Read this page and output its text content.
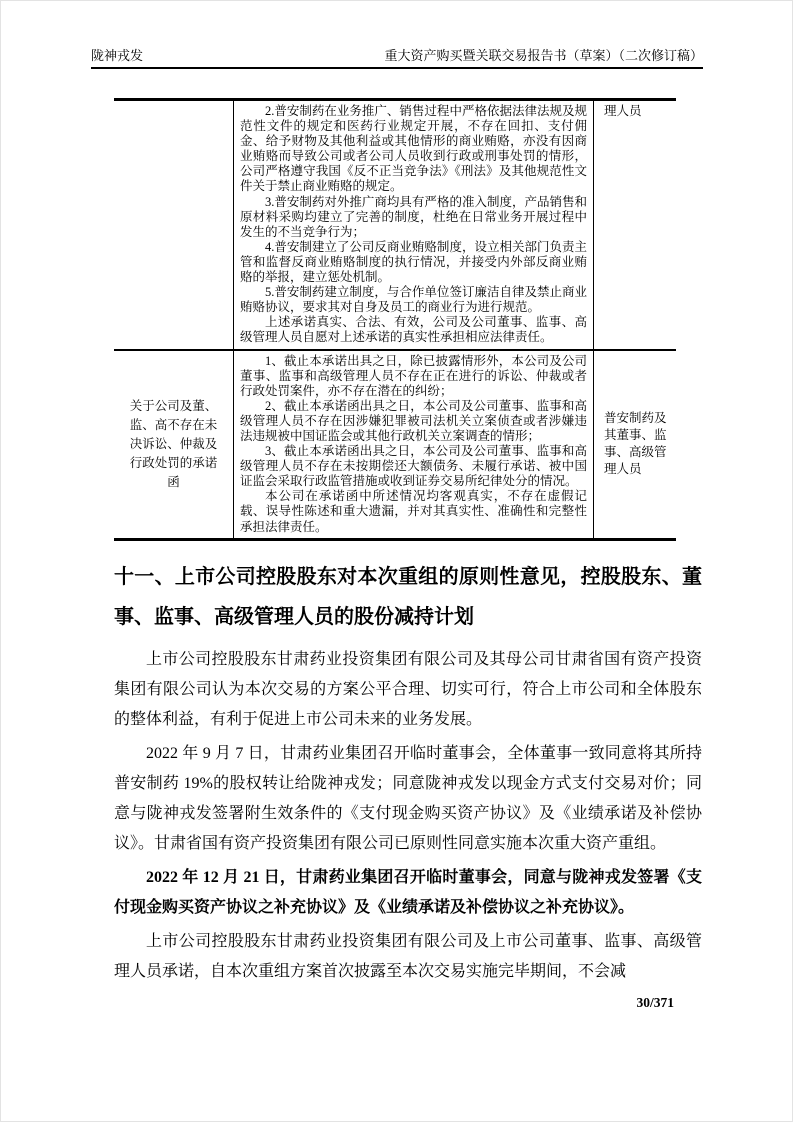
陇神戎发	重大资产购买暨关联交易报告书（草案）（二次修订稿）

2.普安制药在业务推广、销售过程中严格依据法律法规及规范性文件的规定和医药行业规定开展，不存在回扣、支付佣金、给予财物及其他利益或其他情形的商业贿赂，亦没有因商业贿赂而导致公司或者公司人员收到行政或刑事处罚的情形，公司严格遵守我国《反不正当竞争法》《刑法》及其他规范性文件关于禁止商业贿赂的规定。

3.普安制药对外推广商均具有严格的准入制度，产品销售和原材料采购均建立了完善的制度，杜绝在日常业务开展过程中发生的不当竞争行为；

4.普安制建立了公司反商业贿赂制度，设立相关部门负责主管和监督反商业贿赂制度的执行情况，并接受内外部反商业贿赂的举报，建立惩处机制。

5.普安制药建立制度，与合作单位签订廉洁自律及禁止商业贿赂协议，要求其对自身及员工的商业行为进行规范。

上述承诺真实、合法、有效，公司及公司董事、监事、高级管理人员自愿对上述承诺的真实性承担相应法律责任。

理人员
关于公司及董、监、高不存在未决诉讼、仲裁及行政处罚的承诺函

1、截止本承诺出具之日，除已披露情形外，本公司及公司董事、监事和高级管理人员不存在正在进行的诉讼、仲裁或者行政处罚案件，亦不存在潜在的纠纷；

2、截止本承诺函出具之日，本公司及公司董事、监事和高级管理人员不存在因涉嫌犯罪被司法机关立案侦查或者涉嫌违法违规被中国证监会或其他行政机关立案调查的情形；

3、截止本承诺函出具之日，本公司及公司董事、监事和高级管理人员不存在未按期偿还大额债务、未履行承诺、被中国证监会采取行政监管措施或收到证券交易所纪律处分的情况。

本公司在承诺函中所述情况均客观真实，不存在虚假记载、误导性陈述和重大遗漏，并对其真实性、准确性和完整性承担法律责任。

普安制药及其董事、监事、高级管理人员
十一、上市公司控股股东对本次重组的原则性意见，控股股东、董事、监事、高级管理人员的股份减持计划

上市公司控股股东甘肃药业投资集团有限公司及其母公司甘肃省国有资产投资集团有限公司认为本次交易的方案公平合理、切实可行，符合上市公司和全体股东的整体利益，有利于促进上市公司未来的业务发展。

2022 年 9 月 7 日，甘肃药业集团召开临时董事会，全体董事一致同意将其所持普安制药 19%的股权转让给陇神戎发；同意陇神戎发以现金方式支付交易对价；同意与陇神戎发签署附生效条件的《支付现金购买资产协议》及《业绩承诺及补偿协议》。甘肃省国有资产投资集团有限公司已原则性同意实施本次重大资产重组。

2022 年 12 月 21 日，甘肃药业集团召开临时董事会，同意与陇神戎发签署《支付现金购买资产协议之补充协议》及《业绩承诺及补偿协议之补充协议》。

上市公司控股股东甘肃药业投资集团有限公司及上市公司董事、监事、高级管理人员承诺，自本次重组方案首次披露至本次交易实施完毕期间，不会减

30/371
